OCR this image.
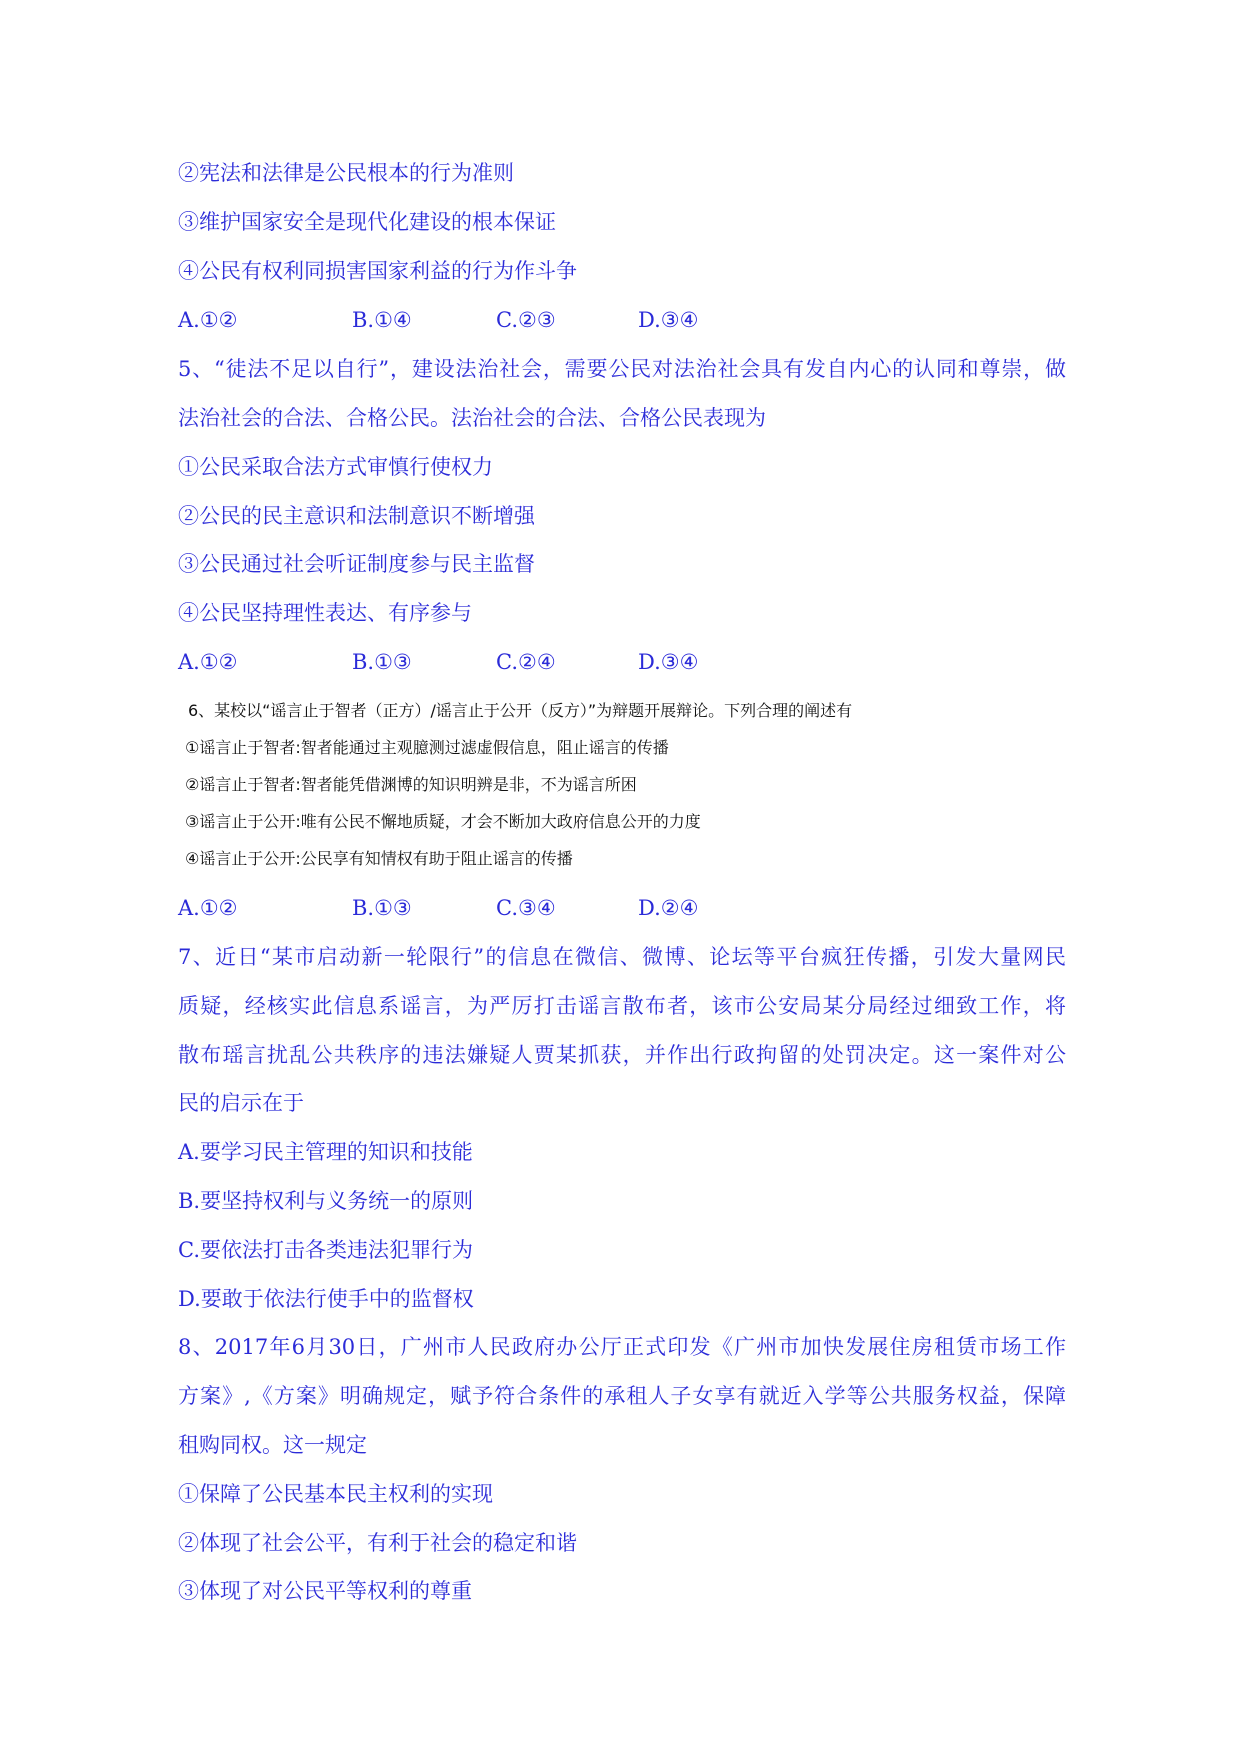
②宪法和法律是公民根本的行为准则
③维护国家安全是现代化建设的根本保证
④公民有权利同损害国家利益的行为作斗争
A.①②	B.①④	C.②③	D.③④
5、“徒法不足以自行”，建设法治社会，需要公民对法治社会具有发自内心的认同和尊崇，做
法治社会的合法、合格公民。法治社会的合法、合格公民表现为
①公民采取合法方式审慎行使权力
②公民的民主意识和法制意识不断增强
③公民通过社会听证制度参与民主监督
④公民坚持理性表达、有序参与
A.①②	B.①③	C.②④	D.③④
6、某校以“谣言止于智者（正方）/谣言止于公开（反方）”为辩题开展辩论。下列合理的阐述有
①谣言止于智者:智者能通过主观臆测过滤虚假信息，阻止谣言的传播
②谣言止于智者:智者能凭借渊博的知识明辨是非，不为谣言所困
③谣言止于公开:唯有公民不懈地质疑，才会不断加大政府信息公开的力度
④谣言止于公开:公民享有知情权有助于阻止谣言的传播
A.①②	B.①③	C.③④	D.②④
7、近日“某市启动新一轮限行”的信息在微信、微博、论坛等平台疯狂传播，引发大量网民
质疑，经核实此信息系谣言，为严厉打击谣言散布者，该市公安局某分局经过细致工作，将
散布瑶言扰乱公共秩序的违法嫌疑人贾某抓获，并作出行政拘留的处罚决定。这一案件对公
民的启示在于
A.要学习民主管理的知识和技能
B.要坚持权利与义务统一的原则
C.要依法打击各类违法犯罪行为
D.要敢于依法行使手中的监督权
8、2017年6月30日，广州市人民政府办公厅正式印发《广州市加快发展住房租赁市场工作
方案》,《方案》明确规定，赋予符合条件的承租人子女享有就近入学等公共服务权益，保障
租购同权。这一规定
①保障了公民基本民主权利的实现
②体现了社会公平，有利于社会的稳定和谐
③体现了对公民平等权利的尊重
